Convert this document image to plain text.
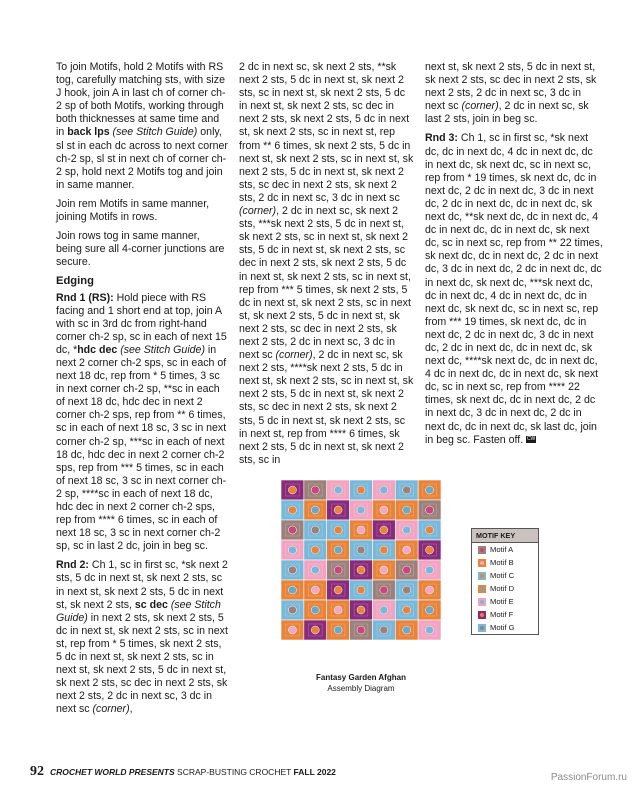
To join Motifs, hold 2 Motifs with RS tog, carefully matching sts, with size J hook, join A in last ch of corner ch-2 sp of both Motifs, working through both thicknesses at same time and in back lps (see Stitch Guide) only, sl st in each dc across to next corner ch-2 sp, sl st in next ch of corner ch-2 sp, hold next 2 Motifs tog and join in same manner.

Join rem Motifs in same manner, joining Motifs in rows.

Join rows tog in same manner, being sure all 4-corner junctions are secure.

Edging

Rnd 1 (RS): Hold piece with RS facing and 1 short end at top, join A with sc in 3rd dc from right-hand corner ch-2 sp, sc in each of next 15 dc, *hdc dec (see Stitch Guide) in next 2 corner ch-2 sps, sc in each of next 18 dc, rep from * 5 times, 3 sc in next corner ch-2 sp, **sc in each of next 18 dc, hdc dec in next 2 corner ch-2 sps, rep from ** 6 times, sc in each of next 18 sc, 3 sc in next corner ch-2 sp, ***sc in each of next 18 dc, hdc dec in next 2 corner ch-2 sps, rep from *** 5 times, sc in each of next 18 sc, 3 sc in next corner ch-2 sp, ****sc in each of next 18 dc, hdc dec in next 2 corner ch-2 sps, rep from **** 6 times, sc in each of next 18 sc, 3 sc in next corner ch-2 sp, sc in last 2 dc, join in beg sc.

Rnd 2: Ch 1, sc in first sc, *sk next 2 sts, 5 dc in next st, sk next 2 sts, sc in next st, sk next 2 sts, 5 dc in next st, sk next 2 sts, sc dec (see Stitch Guide) in next 2 sts, sk next 2 sts, 5 dc in next st, sk next 2 sts, sc in next st, rep from * 5 times, sk next 2 sts, 5 dc in next st, sk next 2 sts, sc in next st, sk next 2 sts, 5 dc in next st, sk next 2 sts, sc dec in next 2 sts, sk next 2 sts, 2 dc in next sc, 3 dc in next sc (corner),

2 dc in next sc, sk next 2 sts, **sk next 2 sts, 5 dc in next st, sk next 2 sts, sc in next st, sk next 2 sts, 5 dc in next st, sk next 2 sts, sc dec in next 2 sts, sk next 2 sts, 5 dc in next st, sk next 2 sts, sc in next st, rep from ** 6 times, sk next 2 sts, 5 dc in next st, sk next 2 sts, sc in next st, sk next 2 sts, 5 dc in next st, sk next 2 sts, sc dec in next 2 sts, sk next 2 sts, 2 dc in next sc, 3 dc in next sc (corner), 2 dc in next sc, sk next 2 sts, ***sk next 2 sts, 5 dc in next st, sk next 2 sts, sc in next st, sk next 2 sts, 5 dc in next st, sk next 2 sts, sc dec in next 2 sts, sk next 2 sts, 5 dc in next st, sk next 2 sts, sc in next st, rep from *** 5 times, sk next 2 sts, 5 dc in next st, sk next 2 sts, sc in next st, sk next 2 sts, 5 dc in next st, sk next 2 sts, sc dec in next 2 sts, sk next 2 sts, 2 dc in next sc, 3 dc in next sc (corner), 2 dc in next sc, sk next 2 sts, ****sk next 2 sts, 5 dc in next st, sk next 2 sts, sc in next st, sk next 2 sts, 5 dc in next st, sk next 2 sts, sc dec in next 2 sts, sk next 2 sts, 5 dc in next st, sk next 2 sts, sc in next st, rep from **** 6 times, sk next 2 sts, 5 dc in next st, sk next 2 sts, sc in

next st, sk next 2 sts, 5 dc in next st, sk next 2 sts, sc dec in next 2 sts, sk next 2 sts, 2 dc in next sc, 3 dc in next sc (corner), 2 dc in next sc, sk last 2 sts, join in beg sc.

Rnd 3: Ch 1, sc in first sc, *sk next dc, dc in next dc, 4 dc in next dc, dc in next dc, sk next dc, sc in next sc, rep from * 19 times, sk next dc, dc in next dc, 2 dc in next dc, 3 dc in next dc, 2 dc in next dc, dc in next dc, sk next dc, **sk next dc, dc in next dc, 4 dc in next dc, dc in next dc, sk next dc, sc in next sc, rep from ** 22 times, sk next dc, dc in next dc, 2 dc in next dc, 3 dc in next dc, 2 dc in next dc, dc in next dc, sk next dc, ***sk next dc, dc in next dc, 4 dc in next dc, dc in next dc, sk next dc, sc in next sc, rep from *** 19 times, sk next dc, dc in next dc, 2 dc in next dc, 3 dc in next dc, 2 dc in next dc, dc in next dc, sk next dc, ****sk next dc, dc in next dc, 4 dc in next dc, dc in next dc, sk next dc, sc in next sc, rep from **** 22 times, sk next dc, dc in next dc, 2 dc in next dc, 3 dc in next dc, 2 dc in next dc, dc in next dc, sk last dc, join in beg sc. Fasten off. CW

Fantasy Garden Afghan
Assembly Diagram
MOTIF KEY
Motif A
Motif B
Motif C
Motif D
Motif E
Motif F
Motif G
92 CROCHET WORLD PRESENTS SCRAP-BUSTING CROCHET FALL 2022	PassionForum.ru
